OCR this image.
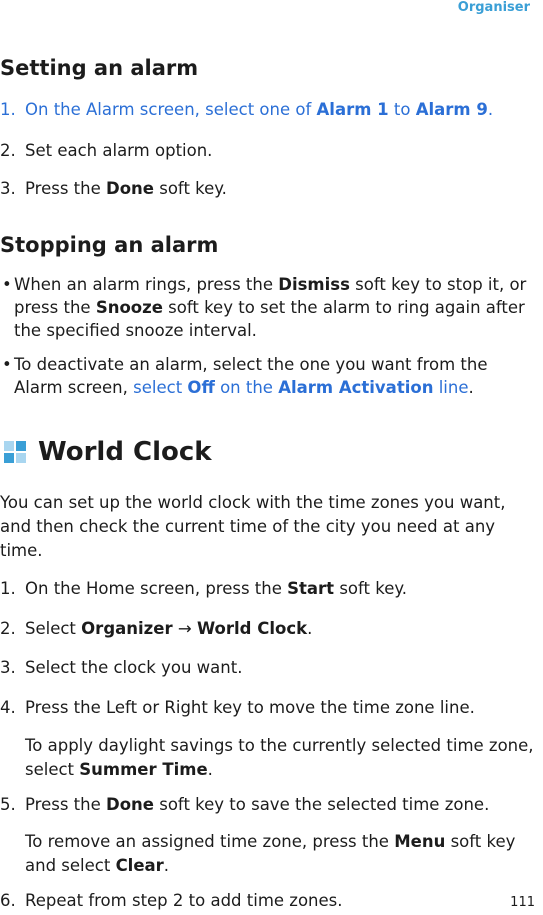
Organiser
Setting an alarm
1. On the Alarm screen, select one of Alarm 1 to Alarm 9.
2. Set each alarm option.
3. Press the Done soft key.
Stopping an alarm
• When an alarm rings, press the Dismiss soft key to stop it, or press the Snooze soft key to set the alarm to ring again after the specified snooze interval.
• To deactivate an alarm, select the one you want from the Alarm screen, select Off on the Alarm Activation line.
World Clock
You can set up the world clock with the time zones you want, and then check the current time of the city you need at any time.
1. On the Home screen, press the Start soft key.
2. Select Organizer → World Clock.
3. Select the clock you want.
4. Press the Left or Right key to move the time zone line.
To apply daylight savings to the currently selected time zone, select Summer Time.
5. Press the Done soft key to save the selected time zone.
To remove an assigned time zone, press the Menu soft key and select Clear.
6. Repeat from step 2 to add time zones.	111
